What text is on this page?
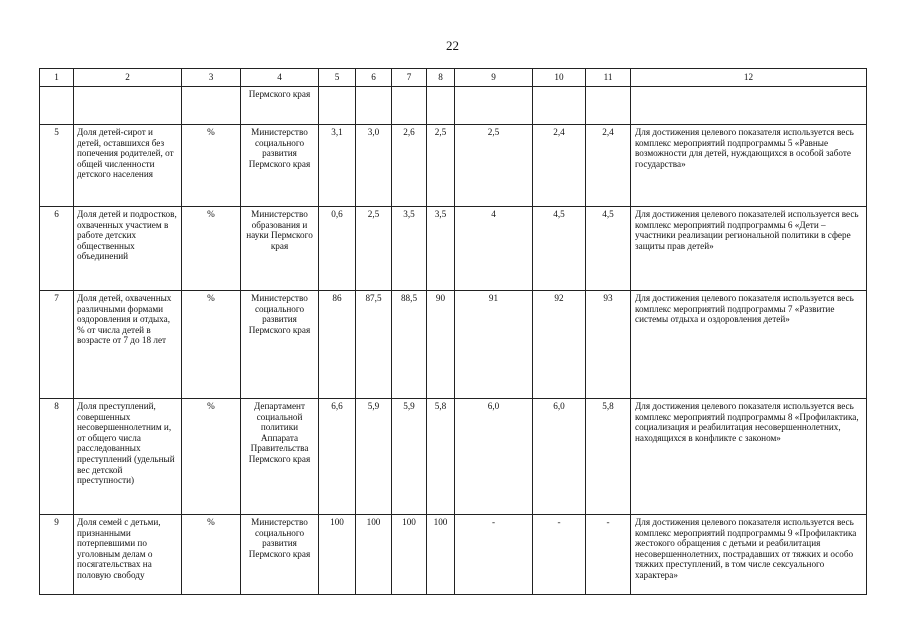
22
1	2	3	4	5	6	7	8	9	10	11	12
			Пермского края								
5	Доля детей-сирот и детей, оставшихся без попечения родителей, от общей численности детского населения	%	Министерство социального развития Пермского края	3,1	3,0	2,6	2,5	2,5	2,4	2,4	Для достижения целевого показателя используется весь комплекс мероприятий подпрограммы 5 «Равные возможности для детей, нуждающихся в особой заботе государства»
6	Доля детей и подростков, охваченных участием в работе детских общественных объединений	%	Министерство образования и науки Пермского края	0,6	2,5	3,5	3,5	4	4,5	4,5	Для достижения целевого показателей используется весь комплекс мероприятий подпрограммы 6 «Дети – участники реализации региональной политики в сфере защиты прав детей»
7	Доля детей, охваченных различными формами оздоровления и отдыха, % от числа детей в возрасте от 7 до 18 лет	%	Министерство социального развития Пермского края	86	87,5	88,5	90	91	92	93	Для достижения целевого показателя используется весь комплекс мероприятий подпрограммы 7 «Развитие системы отдыха и оздоровления детей»
8	Доля преступлений, совершенных несовершеннолетним и, от общего числа расследованных преступлений (удельный вес детской преступности)	%	Департамент социальной политики Аппарата Правительства Пермского края	6,6	5,9	5,9	5,8	6,0	6,0	5,8	Для достижения целевого показателя используется весь комплекс мероприятий подпрограммы 8 «Профилактика, социализация и реабилитация несовершеннолетних, находящихся в конфликте с законом»
9	Доля семей с детьми, признанными потерпевшими по уголовным делам о посягательствах на половую свободу	%	Министерство социального развития Пермского края	100	100	100	100	-	-	-	Для достижения целевого показателя используется весь комплекс мероприятий подпрограммы 9 «Профилактика жестокого обращения с детьми и реабилитация несовершеннолетних, пострадавших от тяжких и особо тяжких преступлений, в том числе сексуального характера»
